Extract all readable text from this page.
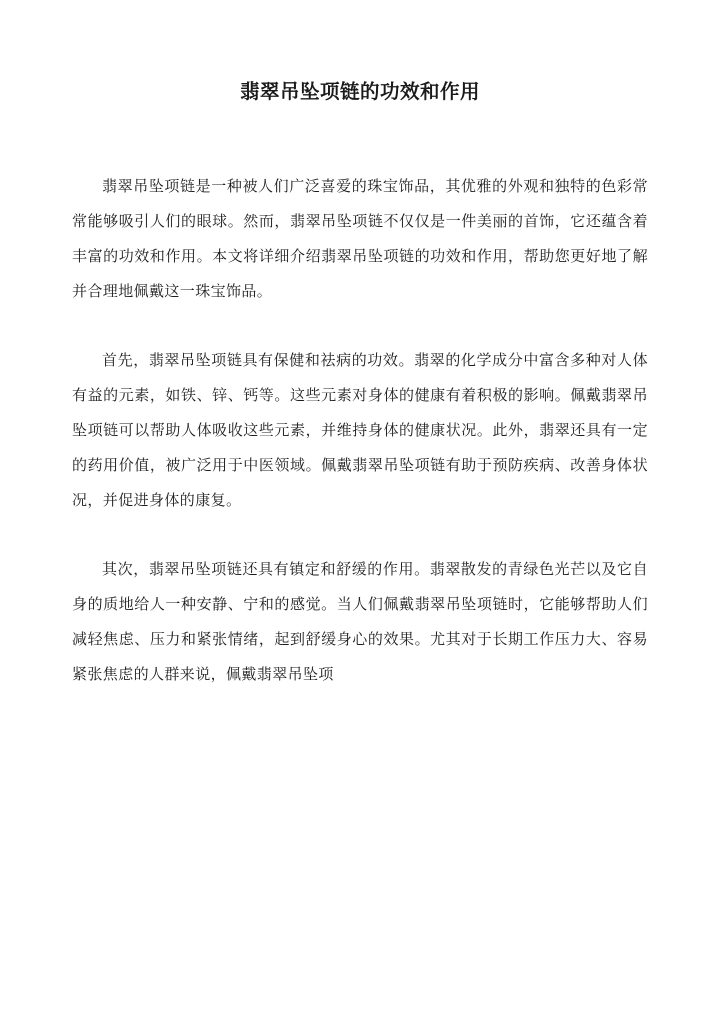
翡翠吊坠项链的功效和作用

翡翠吊坠项链是一种被人们广泛喜爱的珠宝饰品，其优雅的外观和独特的色彩常常能够吸引人们的眼球。然而，翡翠吊坠项链不仅仅是一件美丽的首饰，它还蕴含着丰富的功效和作用。本文将详细介绍翡翠吊坠项链的功效和作用，帮助您更好地了解并合理地佩戴这一珠宝饰品。

首先，翡翠吊坠项链具有保健和祛病的功效。翡翠的化学成分中富含多种对人体有益的元素，如铁、锌、钙等。这些元素对身体的健康有着积极的影响。佩戴翡翠吊坠项链可以帮助人体吸收这些元素，并维持身体的健康状况。此外，翡翠还具有一定的药用价值，被广泛用于中医领域。佩戴翡翠吊坠项链有助于预防疾病、改善身体状况，并促进身体的康复。

其次，翡翠吊坠项链还具有镇定和舒缓的作用。翡翠散发的青绿色光芒以及它自身的质地给人一种安静、宁和的感觉。当人们佩戴翡翠吊坠项链时，它能够帮助人们减轻焦虑、压力和紧张情绪，起到舒缓身心的效果。尤其对于长期工作压力大、容易紧张焦虑的人群来说，佩戴翡翠吊坠项
